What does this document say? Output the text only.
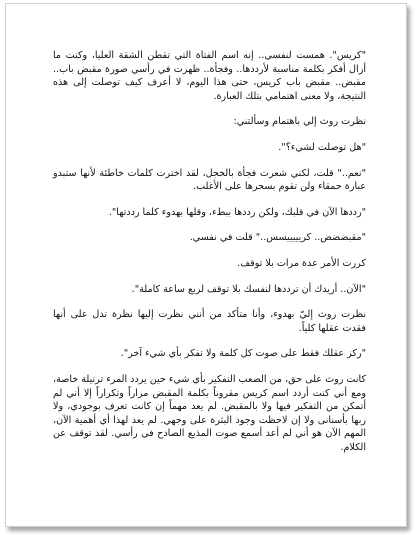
"كريس". همست لنفسي.. إنه اسم الفتاة التي تقطن الشقة العليا، وكنت ما أزال أفكر بكلمة مناسبة لأرددها.. وفجأة.. ظهرت في رأسي صورة مقبض باب.. مقبض.. مقبض باب كريس، حتى هذا اليوم، لا أعرف كيف توصلت إلى هذه النتيجة، ولا معنى اهتمامي بتلك العبارة.

نظرت روث إلي باهتمام وسألتني:

"هل توصلت لشيء؟".

"نعم.." قلت، لكني شعرت فجأة بالخجل، لقد اخترت كلمات خاطئة لأنها ستبدو عبارة حمقاء ولن تقوم بسحرها على الأغلب.

"رددها الآن في قلبك، ولكن رددها ببطء، وقلها بهدوء كلما رددتها".

"مقبضضض.. كريييييسس.." قلت في نفسي.

كررت الأمر عدة مرات بلا توقف.

"الآن.. أريدك أن ترددها لنفسك بلا توقف لربع ساعة كاملة".

نظرت روث إليّ بهدوء، وأنا متأكد من أنني نظرت إليها نظرة تدل على أنها فقدت عقلها كلياً.

"ركز عقلك فقط على صوت كل كلمة ولا تفكر بأي شيء آخر".

كانت روث على حق، من الصعب التفكير بأي شيء حين يردد المرء ترتيلة خاصة، ومع أني كنت أردد اسم كريس مقروناً بكلمة المقبض مراراً وتكراراً إلا أني لم أتمكن من التفكير فيها ولا بالمقبض. لم يعد مهماً إن كانت تعرف بوجودي، ولا ربها بأسنانى ولا إن لاحظت وجود البثرة على وجهي. لم يعد لهذا أي أهمية الآن، المهم الآن هو أني لم أعد أسمع صوت المذيع الصادح في رأسي. لقد توقف عن الكلام.
